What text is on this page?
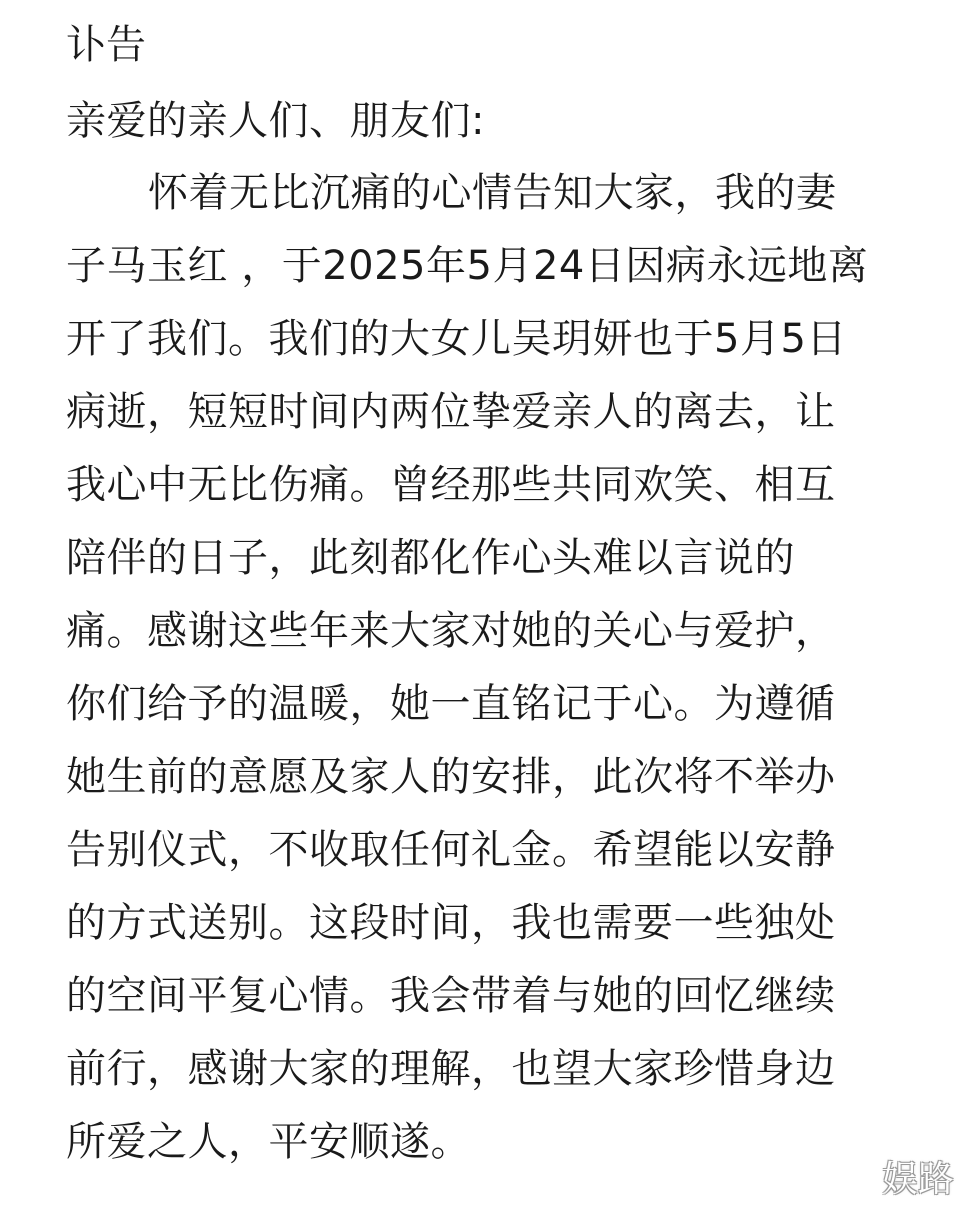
讣告
亲爱的亲人们、朋友们:
怀着无比沉痛的心情告知大家，我的妻
子马玉红 ，于2025年5月24日因病永远地离
开了我们。我们的大女儿吴玥妍也于5月5日
病逝，短短时间内两位挚爱亲人的离去，让
我心中无比伤痛。曾经那些共同欢笑、相互
陪伴的日子，此刻都化作心头难以言说的
痛。感谢这些年来大家对她的关心与爱护，
你们给予的温暖，她一直铭记于心。为遵循
她生前的意愿及家人的安排，此次将不举办
告别仪式，不收取任何礼金。希望能以安静
的方式送别。这段时间，我也需要一些独处
的空间平复心情。我会带着与她的回忆继续
前行，感谢大家的理解，也望大家珍惜身边
所爱之人，平安顺遂。
娱路
